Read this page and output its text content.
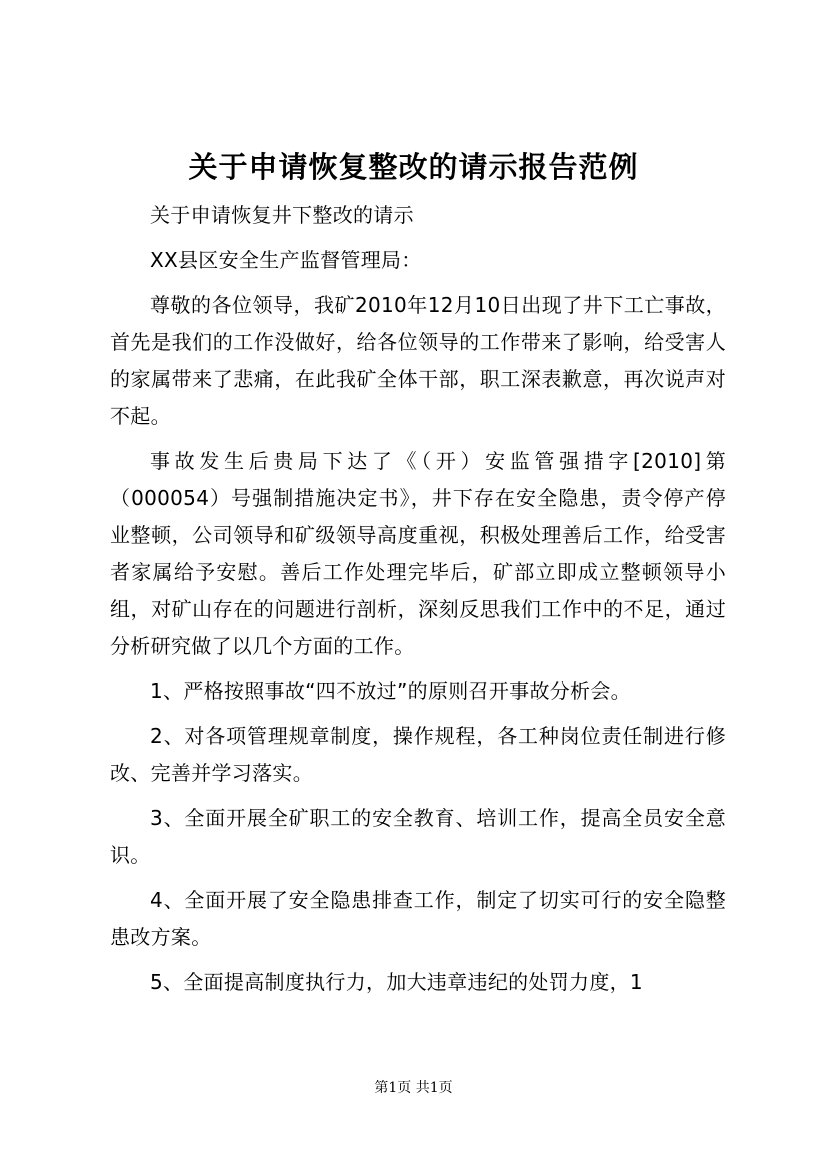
关于申请恢复整改的请示报告范例

关于申请恢复井下整改的请示

XX县区安全生产监督管理局：

尊敬的各位领导，我矿2010年12月10日出现了井下工亡事故，首先是我们的工作没做好，给各位领导的工作带来了影响，给受害人的家属带来了悲痛，在此我矿全体干部，职工深表歉意，再次说声对不起。

事故发生后贵局下达了《（开）安监管强措字[2010]第（000054）号强制措施决定书》，井下存在安全隐患，责令停产停业整顿，公司领导和矿级领导高度重视，积极处理善后工作，给受害者家属给予安慰。善后工作处理完毕后，矿部立即成立整顿领导小组，对矿山存在的问题进行剖析，深刻反思我们工作中的不足，通过分析研究做了以几个方面的工作。

1、严格按照事故“四不放过”的原则召开事故分析会。

2、对各项管理规章制度，操作规程，各工种岗位责任制进行修改、完善并学习落实。

3、全面开展全矿职工的安全教育、培训工作，提高全员安全意识。

4、全面开展了安全隐患排查工作，制定了切实可行的安全隐整患改方案。

5、全面提高制度执行力，加大违章违纪的处罚力度，1

第1页 共1页
